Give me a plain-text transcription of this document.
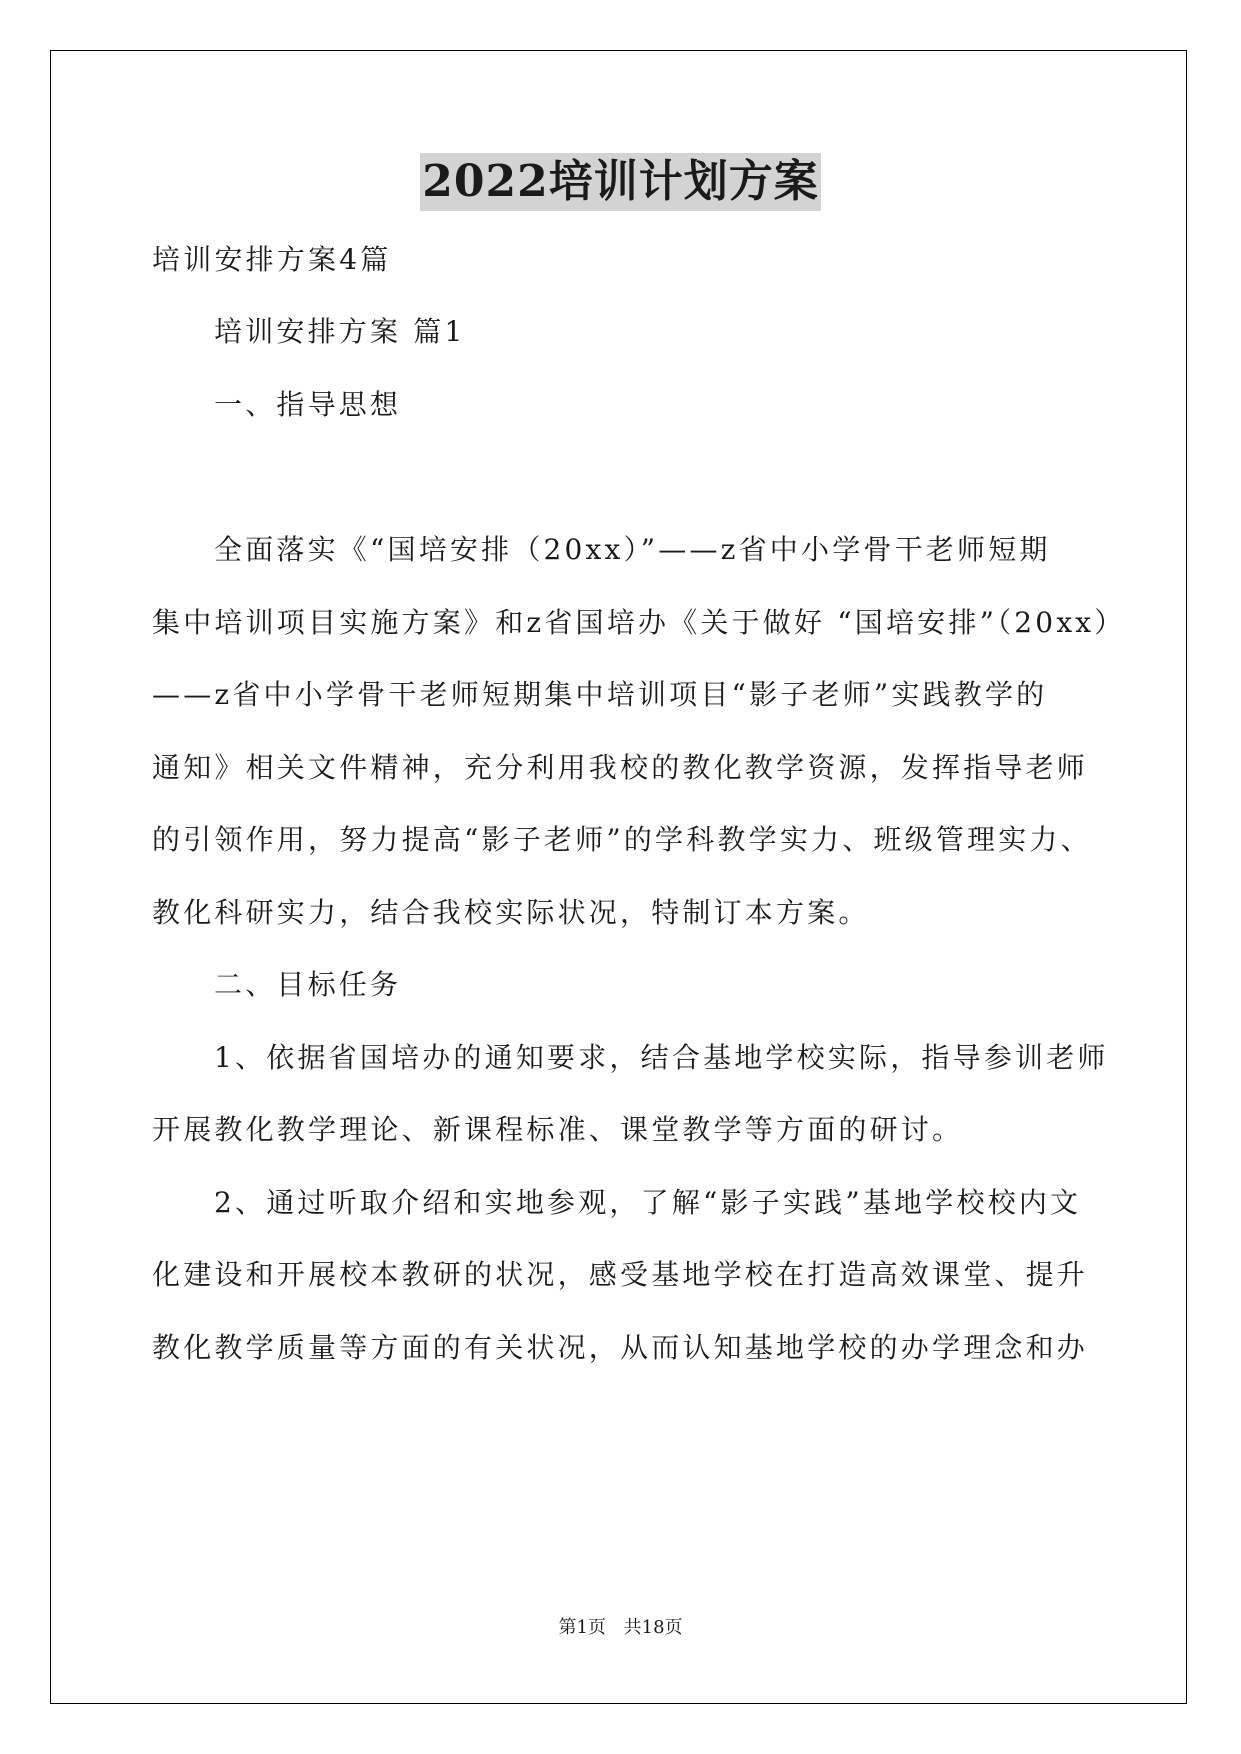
2022培训计划方案
培训安排方案4篇
培训安排方案 篇1
一、指导思想
全面落实《“国培安排（20xx）”——z省中小学骨干老师短期
集中培训项目实施方案》和z省国培办《关于做好 “国培安排”（20xx）
——z省中小学骨干老师短期集中培训项目“影子老师”实践教学的
通知》相关文件精神，充分利用我校的教化教学资源，发挥指导老师
的引领作用，努力提高“影子老师”的学科教学实力、班级管理实力、
教化科研实力，结合我校实际状况，特制订本方案。
二、目标任务
1、依据省国培办的通知要求，结合基地学校实际，指导参训老师
开展教化教学理论、新课程标准、课堂教学等方面的研讨。
2、通过听取介绍和实地参观，了解“影子实践”基地学校校内文
化建设和开展校本教研的状况，感受基地学校在打造高效课堂、提升
教化教学质量等方面的有关状况，从而认知基地学校的办学理念和办
第1页 共18页
